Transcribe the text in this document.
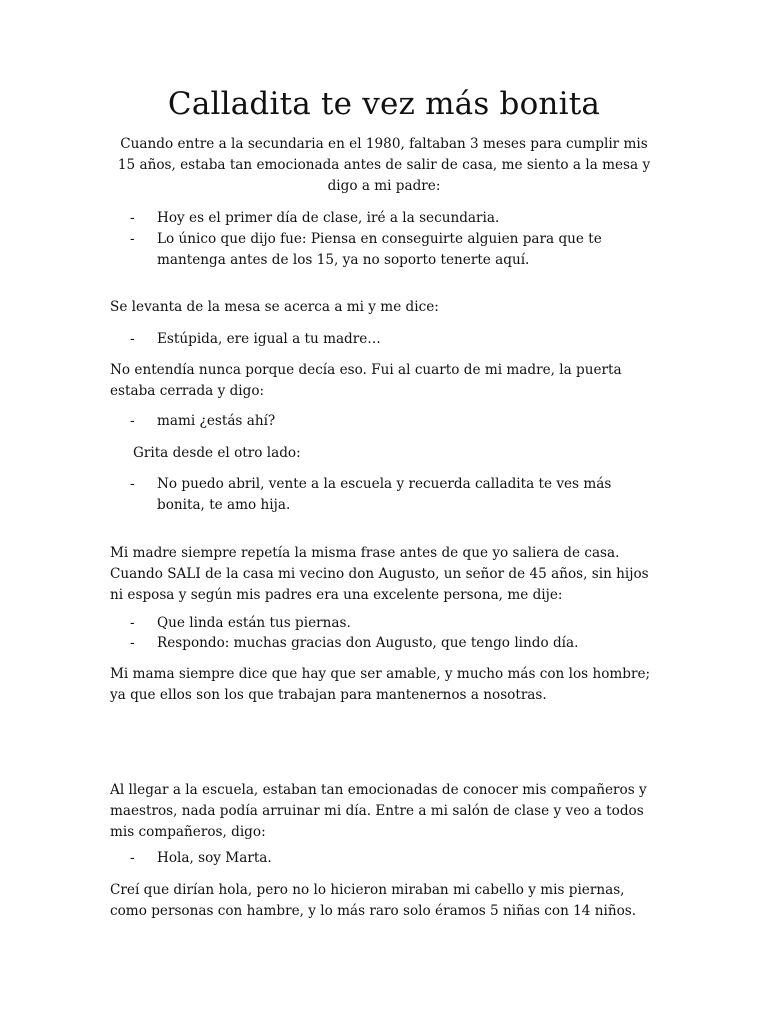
Calladita te vez más bonita

Cuando entre a la secundaria en el 1980, faltaban 3 meses para cumplir mis 15 años, estaba tan emocionada antes de salir de casa, me siento a la mesa y digo a mi padre:

-	Hoy es el primer día de clase, iré a la secundaria.
-	Lo único que dijo fue: Piensa en conseguirte alguien para que te mantenga antes de los 15, ya no soporto tenerte aquí.

Se levanta de la mesa se acerca a mi y me dice:

-	Estúpida, ere igual a tu madre…

No entendía nunca porque decía eso. Fui al cuarto de mi madre, la puerta estaba cerrada y digo:

-	mami ¿estás ahí?

Grita desde el otro lado:

-	No puedo abril, vente a la escuela y recuerda calladita te ves más bonita, te amo hija.

Mi madre siempre repetía la misma frase antes de que yo saliera de casa. Cuando SALI de la casa mi vecino don Augusto, un señor de 45 años, sin hijos ni esposa y según mis padres era una excelente persona, me dije:

-	Que linda están tus piernas.
-	Respondo: muchas gracias don Augusto, que tengo lindo día.

Mi mama siempre dice que hay que ser amable, y mucho más con los hombre; ya que ellos son los que trabajan para mantenernos a nosotras.

Al llegar a la escuela, estaban tan emocionadas de conocer mis compañeros y maestros, nada podía arruinar mi día. Entre a mi salón de clase y veo a todos mis compañeros, digo:

-	Hola, soy Marta.

Creí que dirían hola, pero no lo hicieron miraban mi cabello y mis piernas, como personas con hambre, y lo más raro solo éramos 5 niñas con 14 niños.
